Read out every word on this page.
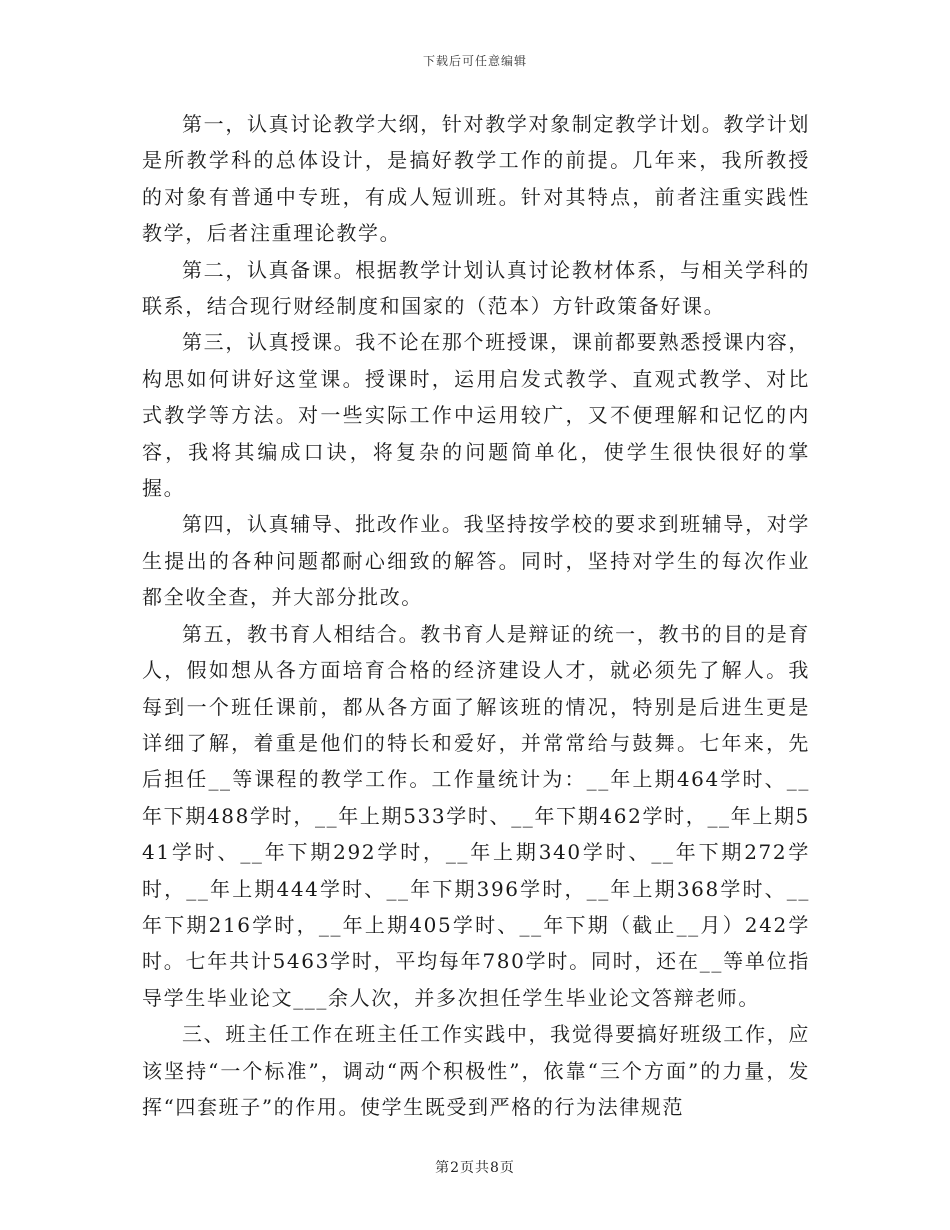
下载后可任意编辑

第一，认真讨论教学大纲，针对教学对象制定教学计划。教学计划是所教学科的总体设计，是搞好教学工作的前提。几年来，我所教授的对象有普通中专班，有成人短训班。针对其特点，前者注重实践性教学，后者注重理论教学。

第二，认真备课。根据教学计划认真讨论教材体系，与相关学科的联系，结合现行财经制度和国家的（范本）方针政策备好课。

第三，认真授课。我不论在那个班授课，课前都要熟悉授课内容，构思如何讲好这堂课。授课时，运用启发式教学、直观式教学、对比式教学等方法。对一些实际工作中运用较广，又不便理解和记忆的内容，我将其编成口诀，将复杂的问题简单化，使学生很快很好的掌握。

第四，认真辅导、批改作业。我坚持按学校的要求到班辅导，对学生提出的各种问题都耐心细致的解答。同时，坚持对学生的每次作业都全收全查，并大部分批改。

第五，教书育人相结合。教书育人是辩证的统一，教书的目的是育人，假如想从各方面培育合格的经济建设人才，就必须先了解人。我每到一个班任课前，都从各方面了解该班的情况，特别是后进生更是详细了解，着重是他们的特长和爱好，并常常给与鼓舞。七年来，先后担任__等课程的教学工作。工作量统计为：__年上期464学时、__年下期488学时，__年上期533学时、__年下期462学时，__年上期541学时、__年下期292学时，__年上期340学时、__年下期272学时，__年上期444学时、__年下期396学时，__年上期368学时、__年下期216学时，__年上期405学时、__年下期（截止__月）242学时。七年共计5463学时，平均每年780学时。同时，还在__等单位指导学生毕业论文___余人次，并多次担任学生毕业论文答辩老师。

三、班主任工作在班主任工作实践中，我觉得要搞好班级工作，应该坚持“一个标准”，调动“两个积极性”，依靠“三个方面”的力量，发挥“四套班子”的作用。使学生既受到严格的行为法律规范

第2页共8页
